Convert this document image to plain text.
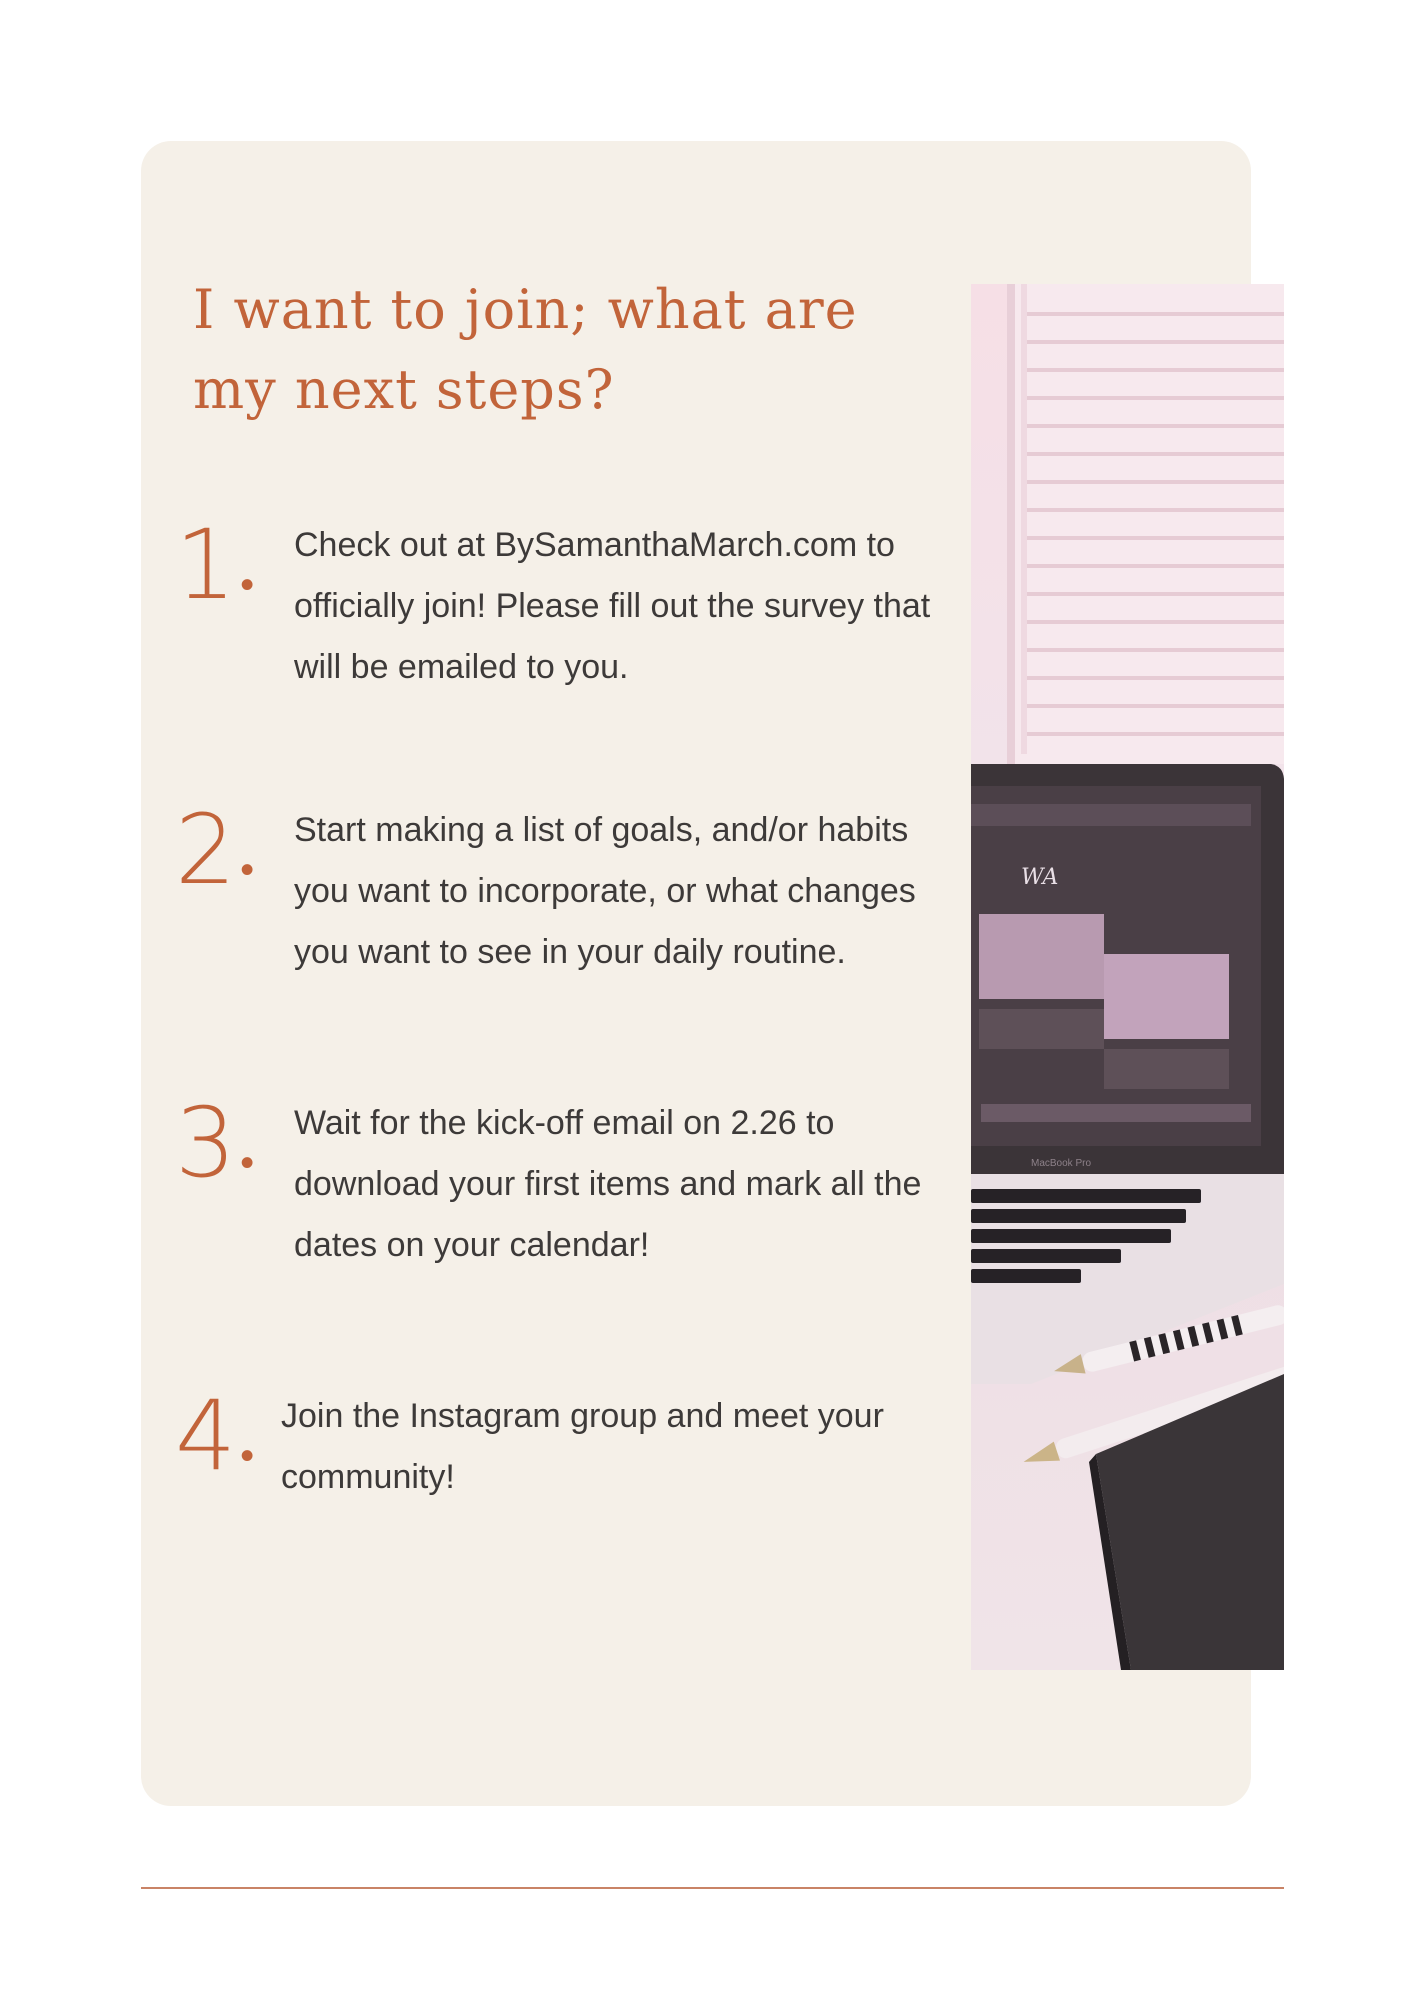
I want to join; what are my next steps?
1 •

Check out at BySamanthaMarch.com to officially join! Please fill out the survey that will be emailed to you.

2 •

Start making a list of goals, and/or habits you want to incorporate, or what changes you want to see in your daily routine.

3 •

Wait for the kick-off email on 2.26 to download your first items and mark all the dates on your calendar!

4 •

Join the Instagram group and meet your community!

WA
MacBook Pro
